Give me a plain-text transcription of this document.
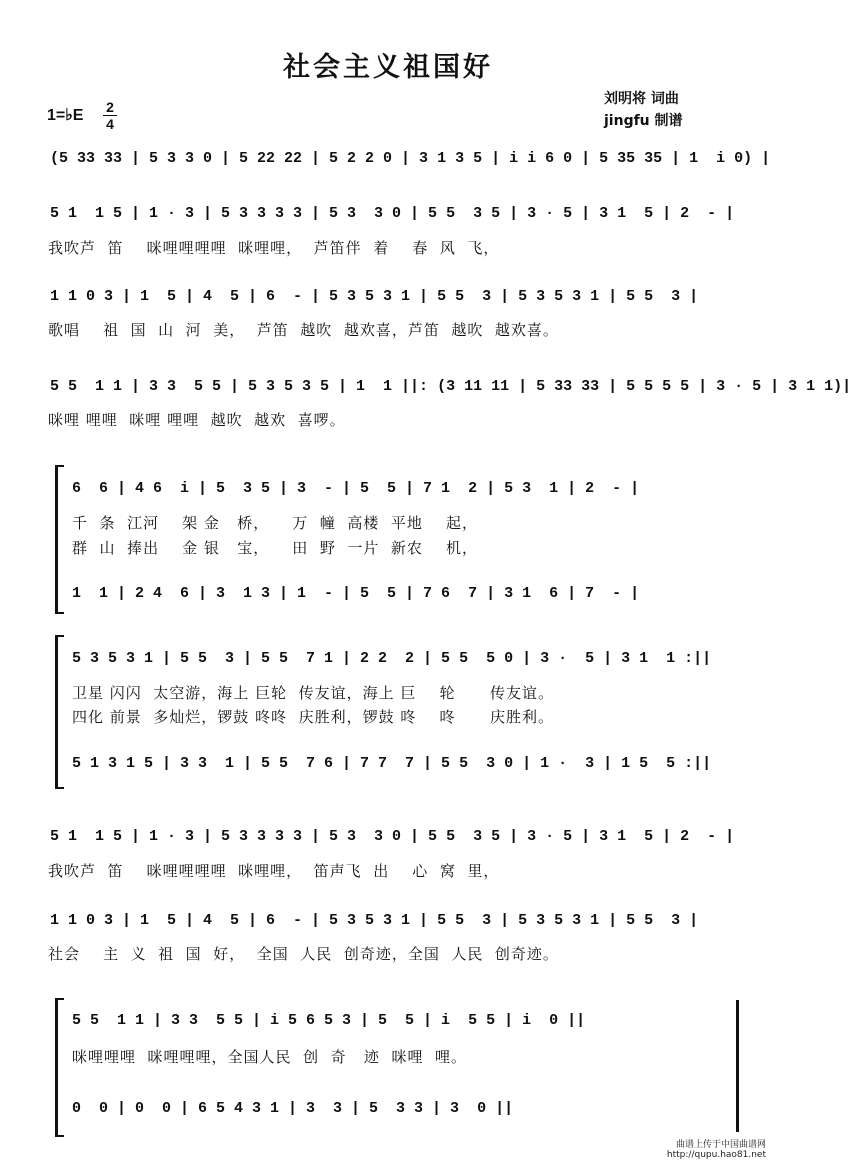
社会主义祖国好
刘明将 词曲
jingfu 制谱
1=♭E 2
4
(5 33 33 | 5 3 3 0 | 5 22 22 | 5 2 2 0 | 3 1 3 5 | i i 6 0 | 5 35 35 | 1  i 0) |
5 1  1 5 | 1 · 3 | 5 3 3 3 3 | 5 3  3 0 | 5 5  3 5 | 3 · 5 | 3 1  5 | 2  - |
我吹芦  笛    咪哩哩哩哩  咪哩哩，  芦笛伴  着    春  风  飞，
1 1 0 3 | 1  5 | 4  5 | 6  - | 5 3 5 3 1 | 5 5  3 | 5 3 5 3 1 | 5 5  3 |
歌唱    祖  国  山  河  美，  芦笛  越吹  越欢喜，芦笛  越吹  越欢喜。
5 5  1 1 | 3 3  5 5 | 5 3 5 3 5 | 1  1 ||: (3 11 11 | 5 33 33 | 5 5 5 5 | 3 · 5 | 3 1 1)|
咪哩 哩哩  咪哩 哩哩  越吹  越欢  喜啰。
6  6 | 4 6  i | 5  3 5 | 3  - | 5  5 | 7 1  2 | 5 3  1 | 2  - |
千  条  江河    架 金   桥，    万  幢  高楼  平地    起，
群  山  捧出    金 银   宝，    田  野  一片  新农    机，
1  1 | 2 4  6 | 3  1 3 | 1  - | 5  5 | 7 6  7 | 3 1  6 | 7  - |
5 3 5 3 1 | 5 5  3 | 5 5  7 1 | 2 2  2 | 5 5  5 0 | 3 ·  5 | 3 1  1 :||
卫星 闪闪  太空游，海上 巨轮  传友谊，海上 巨    轮      传友谊。
四化 前景  多灿烂，锣鼓 咚咚  庆胜利，锣鼓 咚    咚      庆胜利。
5 1 3 1 5 | 3 3  1 | 5 5  7 6 | 7 7  7 | 5 5  3 0 | 1 ·  3 | 1 5  5 :||
5 1  1 5 | 1 · 3 | 5 3 3 3 3 | 5 3  3 0 | 5 5  3 5 | 3 · 5 | 3 1  5 | 2  - |
我吹芦  笛    咪哩哩哩哩  咪哩哩，  笛声飞  出    心  窝  里，
1 1 0 3 | 1  5 | 4  5 | 6  - | 5 3 5 3 1 | 5 5  3 | 5 3 5 3 1 | 5 5  3 |
社会    主  义  祖  国  好，  全国  人民  创奇迹，全国  人民  创奇迹。
5 5  1 1 | 3 3  5 5 | i 5 6 5 3 | 5  5 | i  5 5 | i  0 ||
咪哩哩哩  咪哩哩哩，全国人民  创  奇   迹  咪哩  哩。
0  0 | 0  0 | 6 5 4 3 1 | 3  3 | 5  3 3 | 3  0 ||
曲谱上传于中国曲谱网
http://qupu.hao81.net
